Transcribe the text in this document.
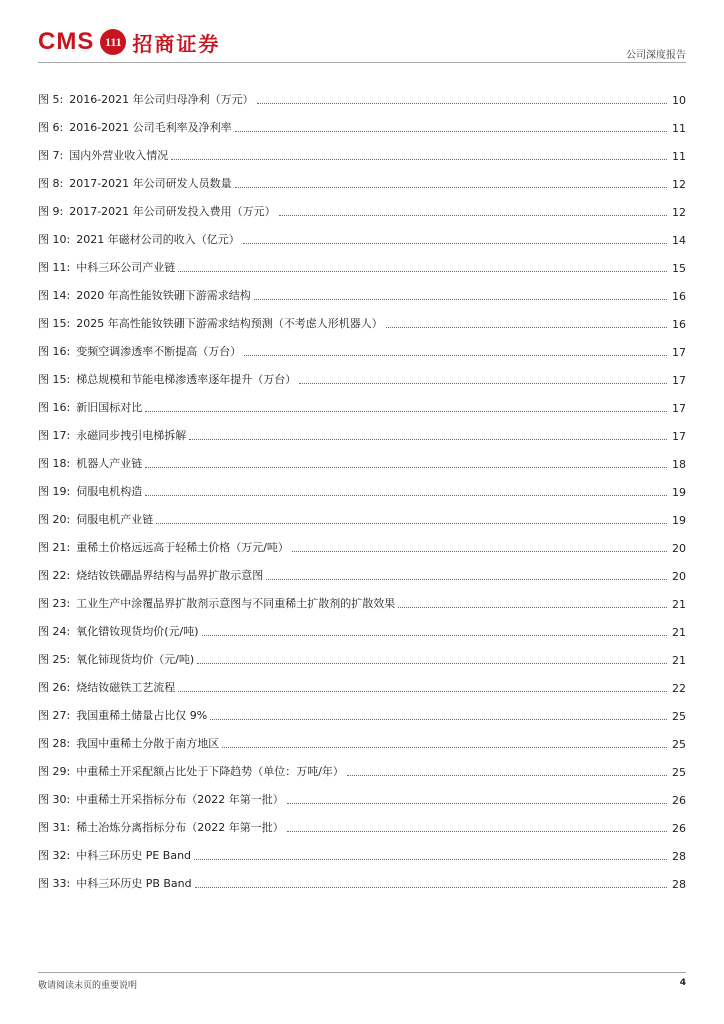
CMS 111 招商证券	公司深度报告
图 5: 2016-2021 年公司归母净利（万元）	10
图 6: 2016-2021 公司毛利率及净利率	11
图 7: 国内外营业收入情况	11
图 8: 2017-2021 年公司研发人员数量	12
图 9: 2017-2021 年公司研发投入费用（万元）	12
图 10: 2021 年磁材公司的收入（亿元）	14
图 11: 中科三环公司产业链	15
图 14: 2020 年高性能钕铁硼下游需求结构	16
图 15: 2025 年高性能钕铁硼下游需求结构预测（不考虑人形机器人）	16
图 16: 变频空调渗透率不断提高（万台）	17
图 15: 梯总规模和节能电梯渗透率逐年提升（万台）	17
图 16: 新旧国标对比	17
图 17: 永磁同步拽引电梯拆解	17
图 18: 机器人产业链	18
图 19: 伺服电机构造	19
图 20: 伺服电机产业链	19
图 21: 重稀土价格远远高于轻稀土价格（万元/吨）	20
图 22: 烧结钕铁硼晶界结构与晶界扩散示意图	20
图 23: 工业生产中涂覆晶界扩散剂示意图与不同重稀土扩散剂的扩散效果	21
图 24: 氧化镨钕现货均价(元/吨)	21
图 25: 氧化铈现货均价（元/吨)	21
图 26: 烧结钕磁铁工艺流程	22
图 27: 我国重稀土储量占比仅 9%	25
图 28: 我国中重稀土分散于南方地区	25
图 29: 中重稀土开采配额占比处于下降趋势（单位：万吨/年）	25
图 30: 中重稀土开采指标分布（2022 年第一批）	26
图 31: 稀土冶炼分离指标分布（2022 年第一批）	26
图 32: 中科三环历史 PE Band	28
图 33: 中科三环历史 PB Band	28
敬请阅读末页的重要说明	4
